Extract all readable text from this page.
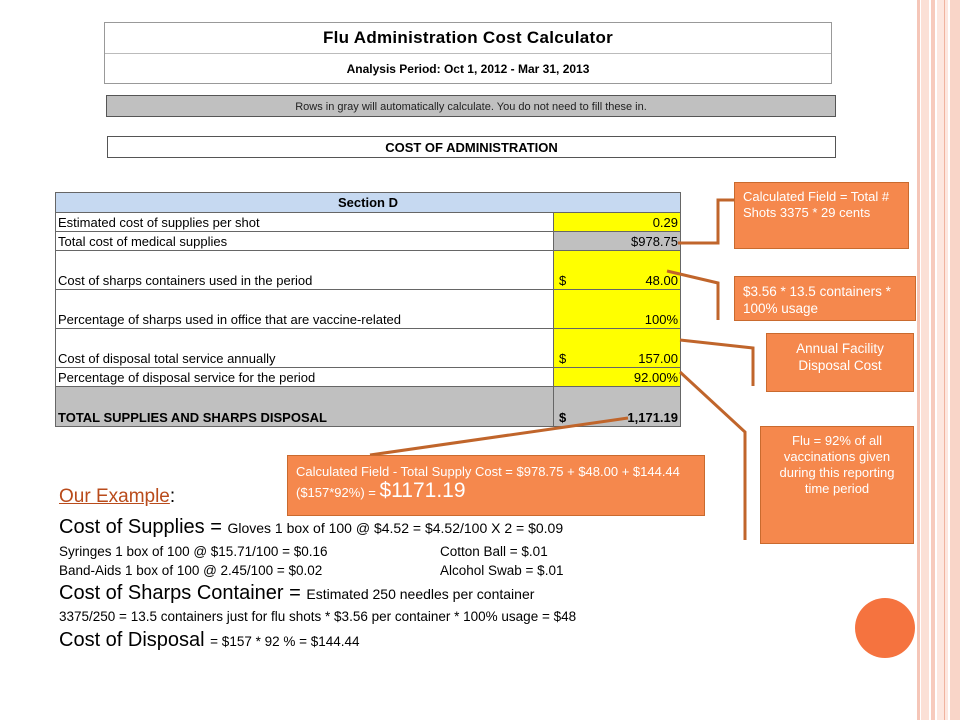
Flu Administration Cost Calculator
Analysis Period: Oct 1, 2012 - Mar 31, 2013
Rows in gray will automatically calculate. You do not need to fill these in.
COST OF ADMINISTRATION
Section D
Estimated cost of supplies per shot	0.29
Total cost of medical supplies	$978.75
Cost of sharps containers used in the period	$	48.00
Percentage of sharps used in office that are vaccine-related	100%
Cost of disposal total service annually	$	157.00
Percentage of disposal service for the period	92.00%
TOTAL SUPPLIES AND SHARPS DISPOSAL	$	1,171.19
Calculated Field = Total # Shots 3375 * 29 cents
$3.56 * 13.5 containers * 100% usage
Annual Facility Disposal Cost
Flu = 92% of all vaccinations given during this reporting time period
Calculated Field - Total Supply Cost = $978.75 + $48.00 + $144.44 ($157*92%) = $1171.19
Our Example:
Cost of Supplies = Gloves 1 box of 100 @ $4.52 = $4.52/100 X 2 = $0.09
Syringes 1 box of 100 @ $15.71/100 = $0.16	Cotton Ball = $.01
Band-Aids 1 box of 100 @ 2.45/100 = $0.02	Alcohol Swab = $.01
Cost of Sharps Container = Estimated 250 needles per container
3375/250 = 13.5 containers just for flu shots * $3.56 per container * 100% usage = $48
Cost of Disposal = $157 * 92 % = $144.44
